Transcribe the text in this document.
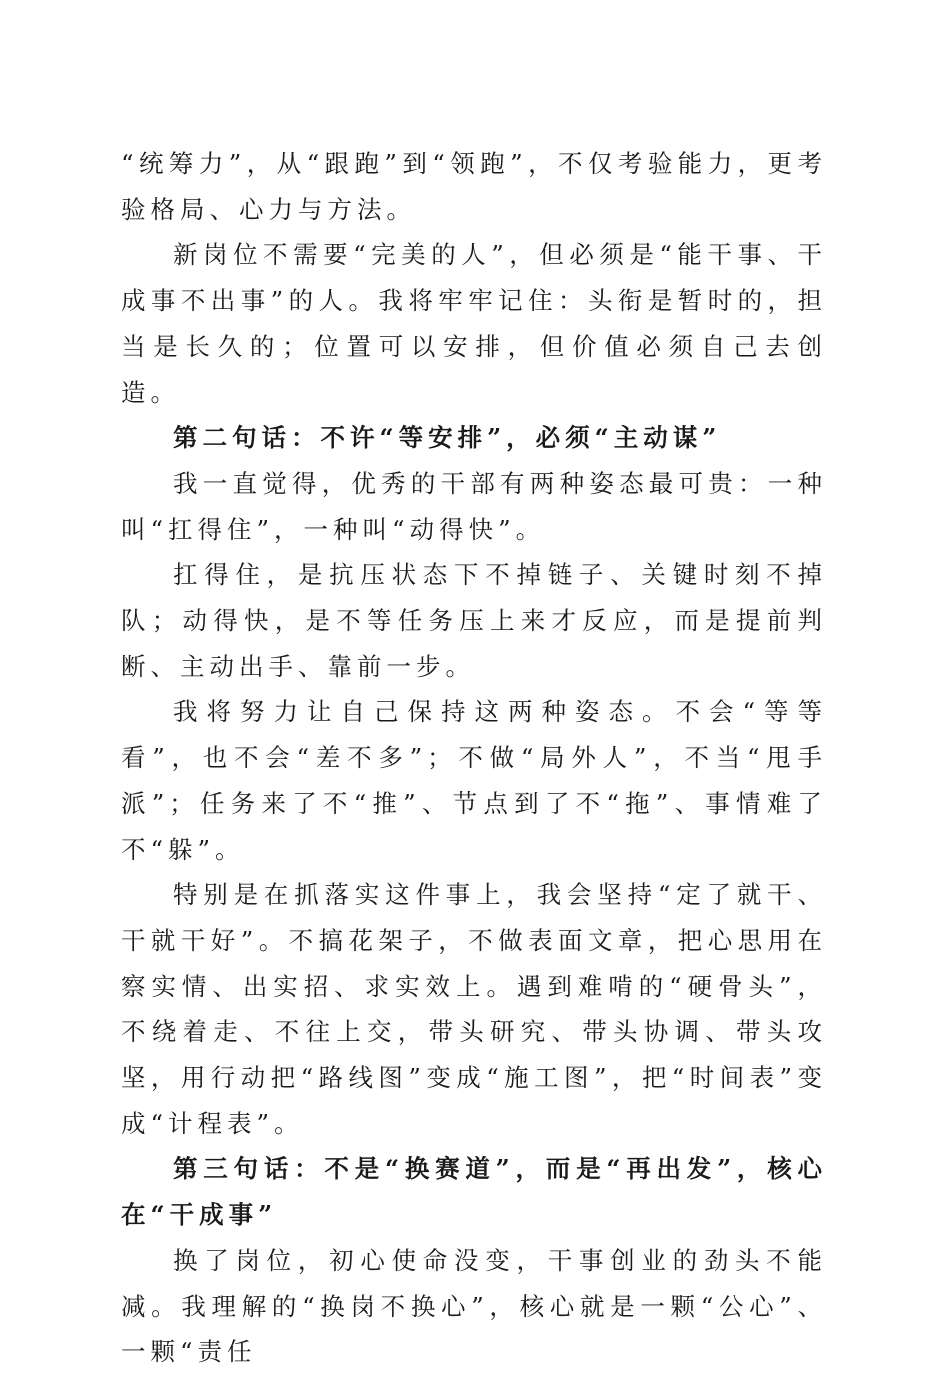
“统筹力”，从“跟跑”到“领跑”，不仅考验能力，更考验格局、心力与方法。

新岗位不需要“完美的人”，但必须是“能干事、干成事不出事”的人。我将牢牢记住：头衔是暂时的，担当是长久的；位置可以安排，但价值必须自己去创造。

第二句话：不许“等安排”，必须“主动谋”

我一直觉得，优秀的干部有两种姿态最可贵：一种叫“扛得住”，一种叫“动得快”。

扛得住，是抗压状态下不掉链子、关键时刻不掉队；动得快，是不等任务压上来才反应，而是提前判断、主动出手、靠前一步。

我将努力让自己保持这两种姿态。不会“等等看”，也不会“差不多”；不做“局外人”，不当“甩手派”；任务来了不“推”、节点到了不“拖”、事情难了不“躲”。

特别是在抓落实这件事上，我会坚持“定了就干、干就干好”。不搞花架子，不做表面文章，把心思用在察实情、出实招、求实效上。遇到难啃的“硬骨头”，不绕着走、不往上交，带头研究、带头协调、带头攻坚，用行动把“路线图”变成“施工图”，把“时间表”变成“计程表”。

第三句话：不是“换赛道”，而是“再出发”，核心在“干成事”

换了岗位，初心使命没变，干事创业的劲头不能减。我理解的“换岗不换心”，核心就是一颗“公心”、一颗“责任
